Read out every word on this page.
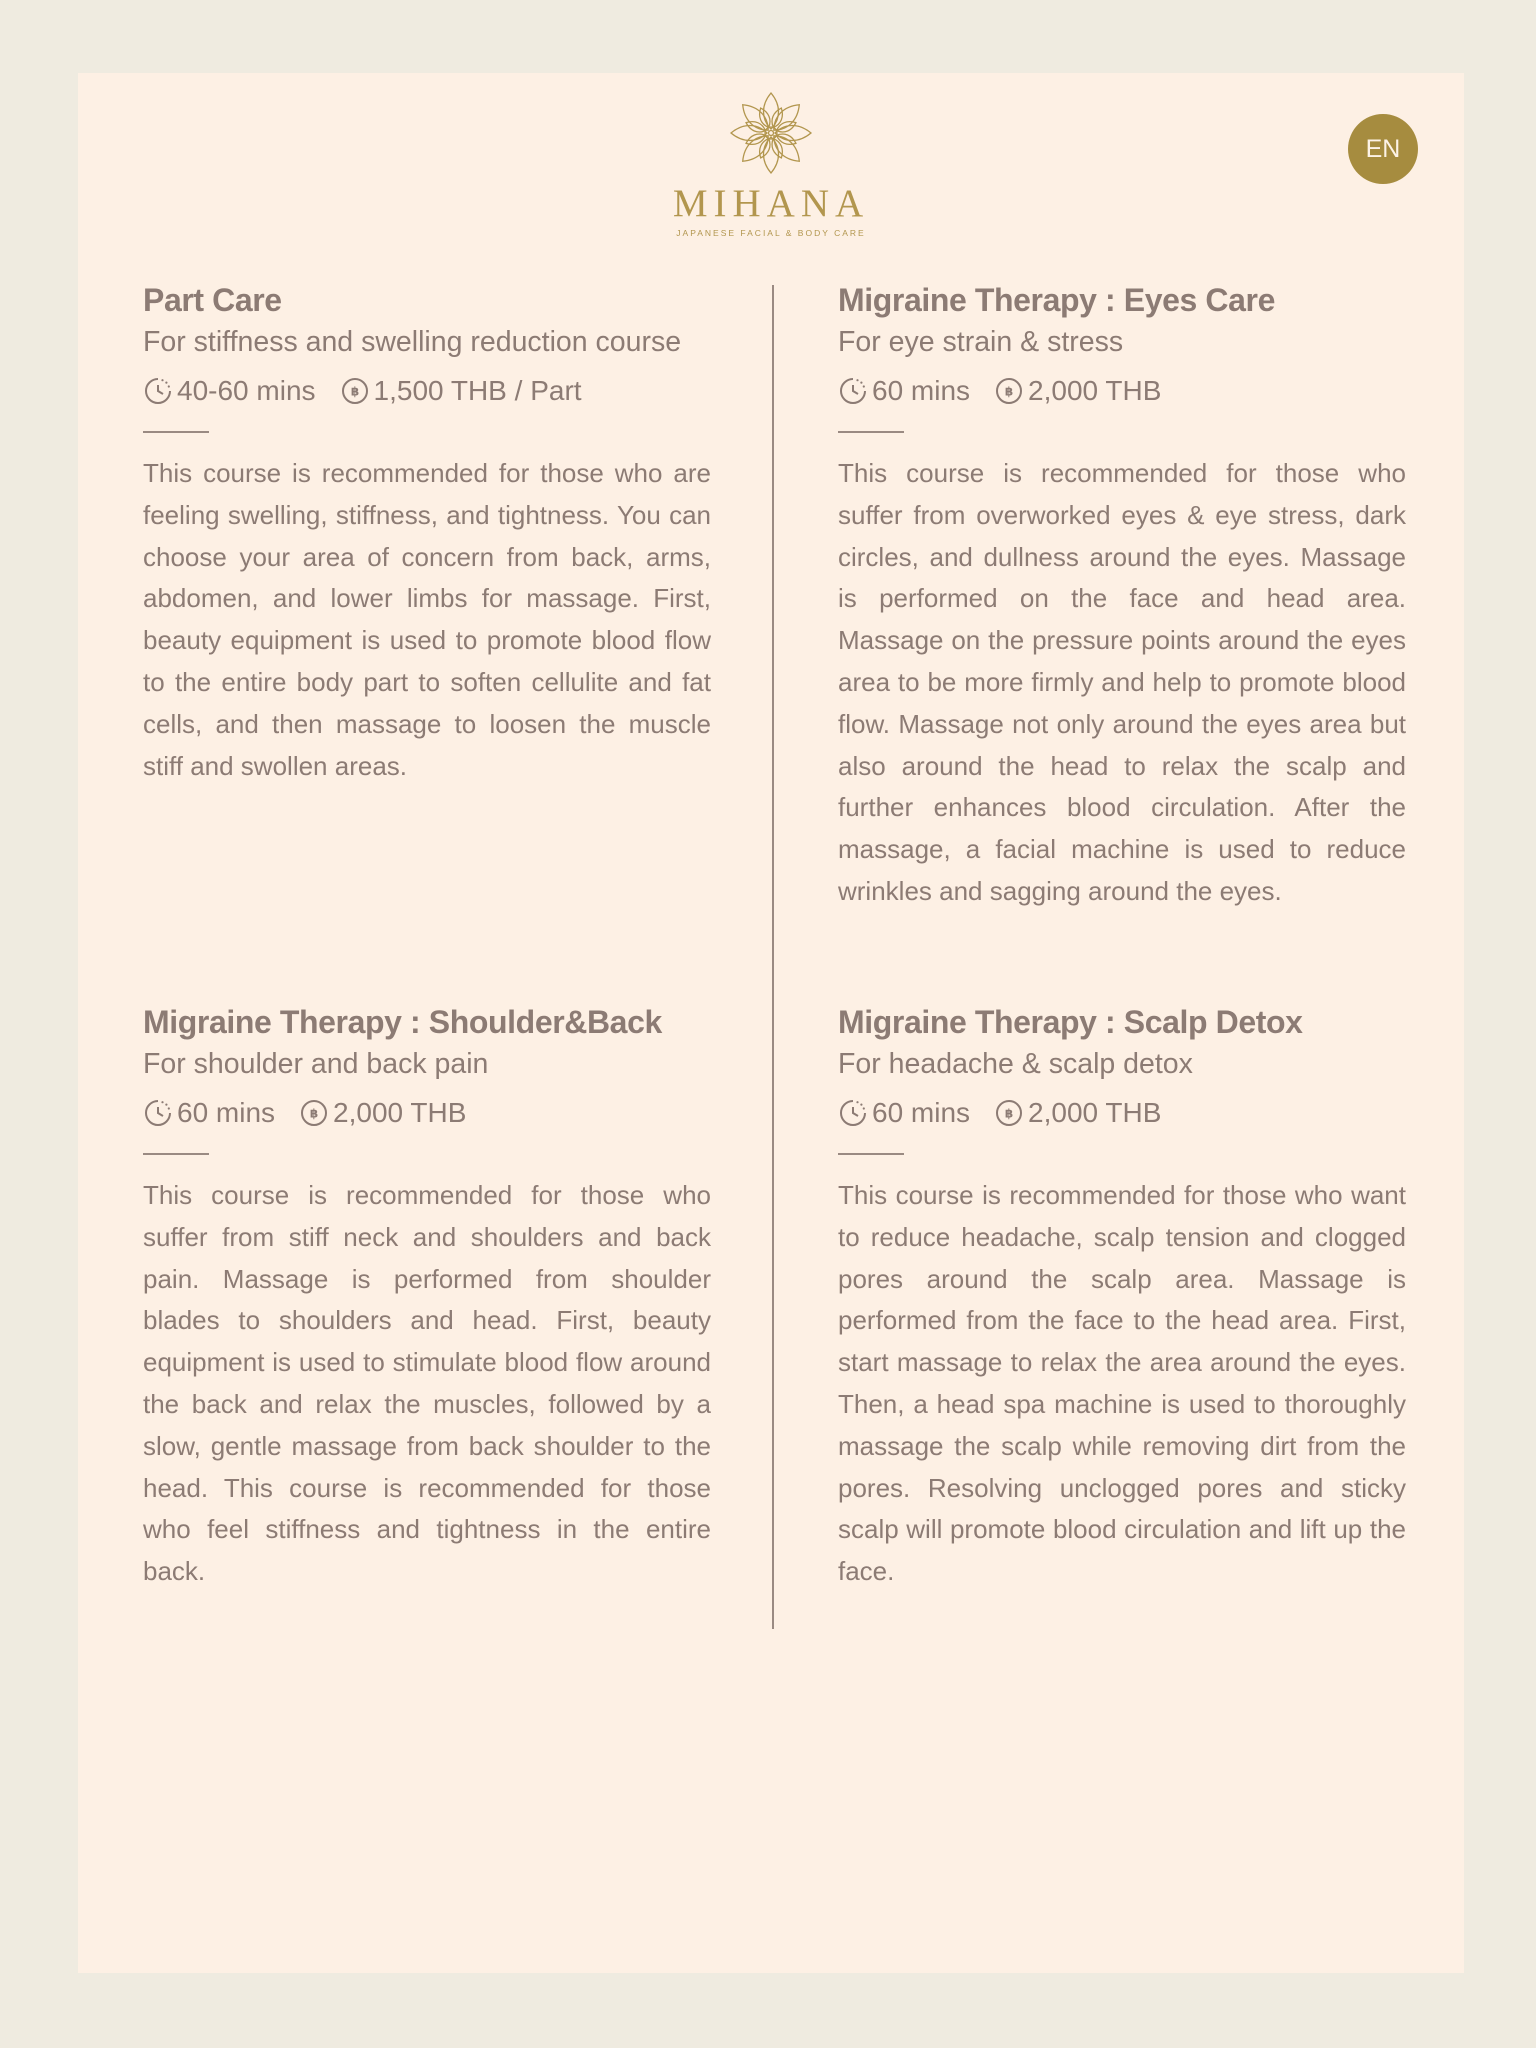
MIHANA
JAPANESE FACIAL & BODY CARE
EN
Part Care
For stiffness and swelling reduction course
40-60 mins	฿ 1,500 THB / Part

This course is recommended for those who are feeling swelling, stiffness, and tightness. You can choose your area of concern from back, arms, abdomen, and lower limbs for massage. First, beauty equipment is used to promote blood flow to the entire body part to soften cellulite and fat cells, and then massage to loosen the muscle stiff and swollen areas.

Migraine Therapy : Eyes Care
For eye strain & stress
60 mins	฿ 2,000 THB

This course is recommended for those who suffer from overworked eyes & eye stress, dark circles, and dullness around the eyes. Massage is performed on the face and head area. Massage on the pressure points around the eyes area to be more firmly and help to promote blood flow. Massage not only around the eyes area but also around the head to relax the scalp and further enhances blood circulation. After the massage, a facial machine is used to reduce wrinkles and sagging around the eyes.

Migraine Therapy : Shoulder&Back
For shoulder and back pain
60 mins	฿ 2,000 THB

This course is recommended for those who suffer from stiff neck and shoulders and back pain. Massage is performed from shoulder blades to shoulders and head. First, beauty equipment is used to stimulate blood flow around the back and relax the muscles, followed by a slow, gentle massage from back shoulder to the head. This course is recommended for those who feel stiffness and tightness in the entire back.

Migraine Therapy : Scalp Detox
For headache & scalp detox
60 mins	฿ 2,000 THB

This course is recommended for those who want to reduce headache, scalp tension and clogged pores around the scalp area. Massage is performed from the face to the head area. First, start massage to relax the area around the eyes. Then, a head spa machine is used to thoroughly massage the scalp while removing dirt from the pores. Resolving unclogged pores and sticky scalp will promote blood circulation and lift up the face.
